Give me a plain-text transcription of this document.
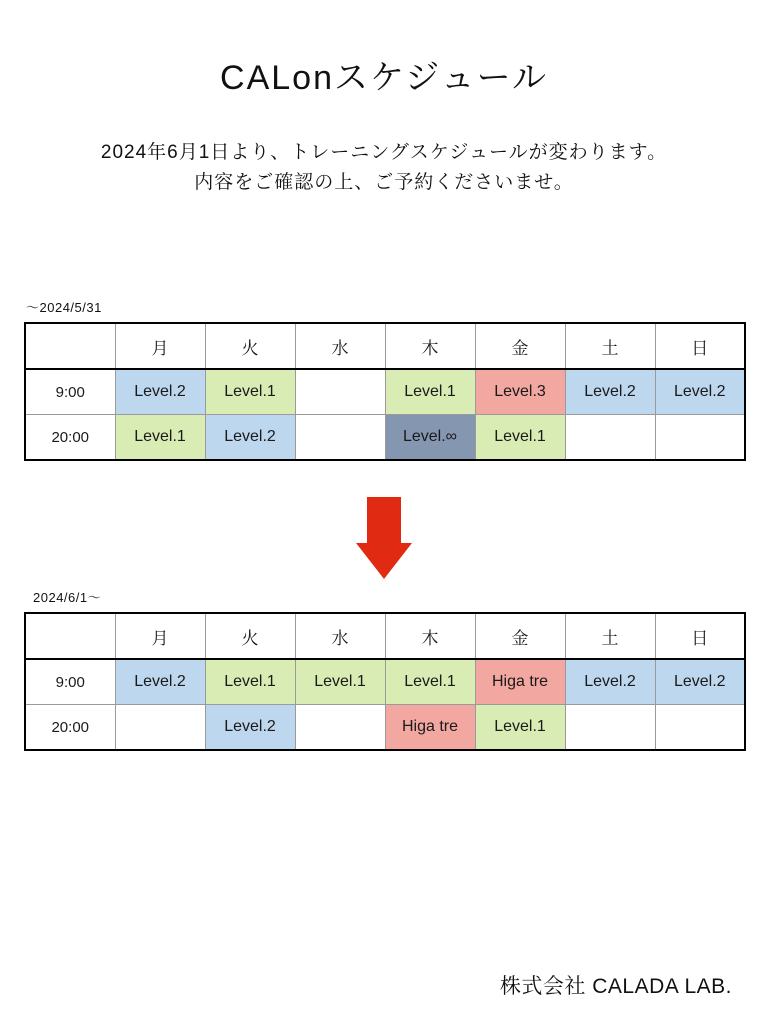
CALonスケジュール
2024年6月1日より、トレーニングスケジュールが変わります。
内容をご確認の上、ご予約くださいませ。
〜2024/5/31
	月	火	水	木	金	土	日
9:00	Level.2	Level.1		Level.1	Level.3	Level.2	Level.2
20:00	Level.1	Level.2		Level.∞	Level.1		
2024/6/1〜
	月	火	水	木	金	土	日
9:00	Level.2	Level.1	Level.1	Level.1	Higa tre	Level.2	Level.2
20:00		Level.2		Higa tre	Level.1		
株式会社 CALADA LAB.
